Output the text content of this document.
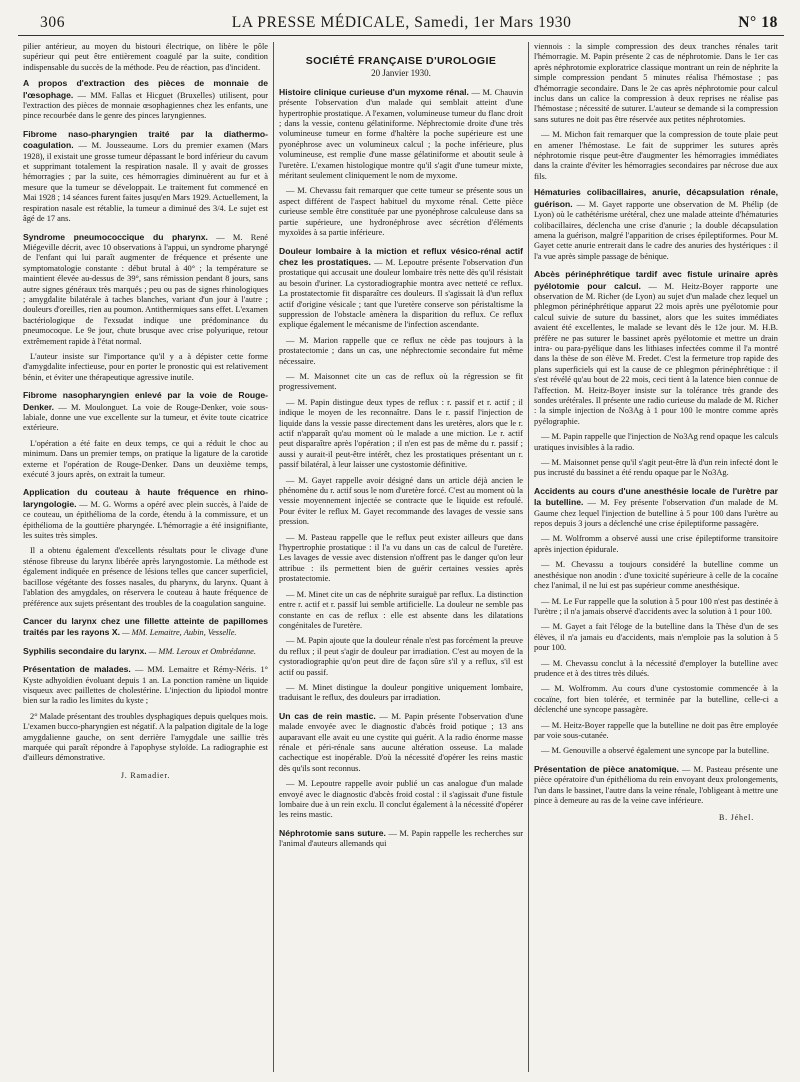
306	LA PRESSE MÉDICALE, Samedi, 1er Mars 1930	N° 18

pilier antérieur, au moyen du bistouri électrique, on libère le pôle supérieur qui peut être entièrement coagulé par la suite, condition indispensable du succès de la méthode. Peu de réaction, pas d'incident.

A propos d'extraction des pièces de monnaie de l'œsophage. — MM. Fallas et Hicguet (Bruxelles) utilisent, pour l'extraction des pièces de monnaie œsophagiennes chez les enfants, une pince recourbée dans le genre des pinces laryngiennes.

Fibrome naso-pharyngien traité par la diathermo-coagulation. — M. Jousseaume. Lors du premier examen (Mars 1928), il existait une grosse tumeur dépassant le bord inférieur du cavum et supprimant totalement la respiration nasale. Il y avait de grosses hémorragies ; par la suite, ces hémorragies diminuèrent au fur et à mesure que la tumeur se développait. Le traitement fut commencé en Mai 1928 ; 14 séances furent faites jusqu'en Mars 1929. Actuellement, la respiration nasale est rétablie, la tumeur a diminué des 3/4. Le sujet est âgé de 17 ans.

Syndrome pneumococcique du pharynx. — M. René Miégeville décrit, avec 10 observations à l'appui, un syndrome pharyngé de l'enfant qui lui paraît augmenter de fréquence et présente une symptomatologie constante : début brutal à 40° ; la température se maintient élevée au-dessus de 39°, sans rémission pendant 8 jours, sans autre signes généraux très marqués ; peu ou pas de signes rhinologiques ; amygdalite bilatérale à taches blanches, variant d'un jour à l'autre ; douleurs d'oreilles, rien au poumon. Antithermiques sans effet. L'examen bactériologique de l'exsudat indique une prédominance du pneumocoque. Le 9e jour, chute brusque avec crise polyurique, retour extrêmement rapide à l'état normal.

L'auteur insiste sur l'importance qu'il y a à dépister cette forme d'amygdalite infectieuse, pour en porter le pronostic qui est relativement bénin, et éviter une thérapeutique agressive inutile.

Fibrome nasopharyngien enlevé par la voie de Rouge-Denker. — M. Moulonguet. La voie de Rouge-Denker, voie sous-labiale, donne une vue excellente sur la tumeur, et évite toute cicatrice extérieure.

L'opération a été faite en deux temps, ce qui a réduit le choc au minimum. Dans un premier temps, on pratique la ligature de la carotide externe et l'opération de Rouge-Denker. Dans un deuxième temps, exécuté 3 jours après, on extrait la tumeur.

Application du couteau à haute fréquence en rhino-laryngologie. — M. G. Worms a opéré avec plein succès, à l'aide de ce couteau, un épithélioma de la corde, étendu à la commissure, et un épithélioma de la gouttière pharyngée. L'hémorragie a été insignifiante, les suites très simples.

Il a obtenu également d'excellents résultats pour le clivage d'une sténose fibreuse du larynx libérée après laryngostomie. La méthode est également indiquée en présence de lésions telles que cancer superficiel, bacillose végétante des fosses nasales, du pharynx, du larynx. Quant à l'ablation des amygdales, on réservera le couteau à haute fréquence de préférence aux sujets présentant des troubles de la coagulation sanguine.

Cancer du larynx chez une fillette atteinte de papillomes traités par les rayons X. — MM. Lemaitre, Aubin, Vesselle.

Syphilis secondaire du larynx. — MM. Leroux et Ombrédanne.

Présentation de malades. — MM. Lemaitre et Rémy-Néris. 1° Kyste adhyoïdien évoluant depuis 1 an. La ponction ramène un liquide visqueux avec paillettes de cholestérine. L'injection du lipiodol montre bien sur la radio les limites du kyste ;

2° Malade présentant des troubles dysphagiques depuis quelques mois. L'examen bucco-pharyngien est négatif. A la palpation digitale de la loge amygdalienne gauche, on sent derrière l'amygdale une saillie très marquée qui paraît répondre à l'apophyse styloïde. La radiographie est d'ailleurs démonstrative.

J. Ramadier.
SOCIÉTÉ FRANÇAISE D'UROLOGIE
20 Janvier 1930.

Histoire clinique curieuse d'un myxome rénal. — M. Chauvin présente l'observation d'un malade qui semblait atteint d'une hypertrophie prostatique. A l'examen, volumineuse tumeur du flanc droit ; dans la vessie, contenu gélatiniforme. Néphrectomie droite d'une très volumineuse tumeur en forme d'haltère la poche supérieure est une pyonéphrose avec un volumineux calcul ; la poche inférieure, plus volumineuse, est remplie d'une masse gélatiniforme et aboutit seule à l'uretère. L'examen histologique montre qu'il s'agit d'une tumeur mixte, méritant seulement cliniquement le nom de myxome.

— M. Chevassu fait remarquer que cette tumeur se présente sous un aspect différent de l'aspect habituel du myxome rénal. Cette pièce curieuse semble être constituée par une pyonéphrose calculeuse dans sa partie supérieure, une hydronéphrose avec sécrétion d'éléments myxoïdes à sa partie inférieure.

Douleur lombaire à la miction et reflux vésico-rénal actif chez les prostatiques. — M. Lepoutre présente l'observation d'un prostatique qui accusait une douleur lombaire très nette dès qu'il résistait au besoin d'uriner. La cystoradiographie montra avec netteté ce reflux. La prostatectomie fit disparaître ces douleurs. Il s'agissait là d'un reflux actif d'origine vésicale ; tant que l'uretère conserve son péristaltisme la suppression de l'obstacle amènera la disparition du reflux. Ce reflux explique également le mécanisme de l'infection ascendante.

— M. Marion rappelle que ce reflux ne cède pas toujours à la prostatectomie ; dans un cas, une néphrectomie secondaire fut même nécessaire.

— M. Maisonnet cite un cas de reflux où la régression se fit progressivement.

— M. Papin distingue deux types de reflux : r. passif et r. actif ; il indique le moyen de les reconnaître. Dans le r. passif l'injection de liquide dans la vessie passe directement dans les uretères, alors que le r. actif n'apparaît qu'au moment où le malade a une miction. Le r. actif peut disparaître après l'opération ; il n'en est pas de même du r. passif ; aussi y aurait-il peut-être intérêt, chez les prostatiques présentant un r. passif bilatéral, à leur laisser une cystostomie définitive.

— M. Gayet rappelle avoir désigné dans un article déjà ancien le phénomène du r. actif sous le nom d'uretère forcé. C'est au moment où la vessie moyennement injectée se contracte que le liquide est refoulé. Pour éviter le reflux M. Gayet recommande des lavages de vessie sans pression.

— M. Pasteau rappelle que le reflux peut exister ailleurs que dans l'hypertrophie prostatique : il l'a vu dans un cas de calcul de l'uretère. Les lavages de vessie avec distension n'offrent pas le danger qu'on leur attribue : ils permettent bien de guérir certaines vessies après prostatectomie.

— M. Minet cite un cas de néphrite suraiguë par reflux. La distinction entre r. actif et r. passif lui semble artificielle. La douleur ne semble pas constante en cas de reflux : elle est absente dans les dilatations congénitales de l'uretère.

— M. Papin ajoute que la douleur rénale n'est pas forcément la preuve du reflux ; il peut s'agir de douleur par irradiation. C'est au moyen de la cystoradiographie qu'on peut dire de façon sûre s'il y a reflux, s'il est actif ou passif.

— M. Minet distingue la douleur pongitive uniquement lombaire, traduisant le reflux, des douleurs par irradiation.

Un cas de rein mastic. — M. Papin présente l'observation d'une malade envoyée avec le diagnostic d'abcès froid potique ; 13 ans auparavant elle avait eu une cystite qui guérit. A la radio énorme masse rénale et péri-rénale sans aucune altération osseuse. La malade cachectique est inopérable. D'où la nécessité d'opérer les reins mastic dès qu'ils sont reconnus.

— M. Lepoutre rappelle avoir publié un cas analogue d'un malade envoyé avec le diagnostic d'abcès froid costal : il s'agissait d'une fistule lombaire due à un rein exclu. Il conclut également à la nécessité d'opérer les reins mastic.

Néphrotomie sans suture. — M. Papin rappelle les recherches sur l'animal d'auteurs allemands qui

viennois : la simple compression des deux tranches rénales tarit l'hémorragie. M. Papin présente 2 cas de néphrotomie. Dans le 1er cas après néphrotomie exploratrice classique montrant un rein de néphrite la simple compression pendant 5 minutes réalisa l'hémostase ; pas d'hémorragie secondaire. Dans le 2e cas après néphrotomie pour calcul inclus dans un calice la compression à deux reprises ne réalise pas l'hémostase ; nécessité de suturer. L'auteur se demande si la compression sans sutures ne doit pas être réservée aux petites néphrotomies.

— M. Michon fait remarquer que la compression de toute plaie peut en amener l'hémostase. Le fait de supprimer les sutures après néphrotomie risque peut-être d'augmenter les hémorragies immédiates dans la crainte d'éviter les hémorragies secondaires par nécrose due aux fils.

Hématuries colibacillaires, anurie, décapsulation rénale, guérison. — M. Gayet rapporte une observation de M. Phélip (de Lyon) où le cathétérisme urétéral, chez une malade atteinte d'hématuries colibacillaires, déclencha une crise d'anurie ; la double décapsulation amena la guérison, malgré l'apparition de crises épileptiformes. Pour M. Gayet cette anurie entrerait dans le cadre des anuries des hystériques : il l'a vue après simple passage de bénique.

Abcès périnéphrétique tardif avec fistule urinaire après pyélotomie pour calcul. — M. Heitz-Boyer rapporte une observation de M. Richer (de Lyon) au sujet d'un malade chez lequel un phlegmon périnéphrétique apparut 22 mois après une pyélotomie pour calcul suivie de suture du bassinet, alors que les suites immédiates avaient été excellentes, le malade se levant dès le 12e jour. M. H.B. préfère ne pas suturer le bassinet après pyélotomie et mettre un drain intra- ou para-pyélique dans les lithiases infectées comme il l'a montré dans la thèse de son élève M. Fredet. C'est la fermeture trop rapide des plans superficiels qui est la cause de ce phlegmon périnéphrétique : il s'est révélé qu'au bout de 22 mois, ceci tient à la latence bien connue de l'affection. M. Heitz-Boyer insiste sur la tolérance très grande des sondes urétérales. Il présente une radio curieuse du malade de M. Richer : la simple injection de No3Ag à 1 pour 100 le montre comme après pyélographie.

— M. Papin rappelle que l'injection de No3Ag rend opaque les calculs uratiques invisibles à la radio.

— M. Maisonnet pense qu'il s'agit peut-être là d'un rein infecté dont le pus incrusté du bassinet a été rendu opaque par le No3Ag.

Accidents au cours d'une anesthésie locale de l'urètre par la butelline. — M. Fey présente l'observation d'un malade de M. Gaume chez lequel l'injection de butelline à 5 pour 100 dans l'urètre au repos depuis 3 jours a déclenché une crise épileptiforme passagère.

— M. Wolfromm a observé aussi une crise épileptiforme transitoire après injection épidurale.

— M. Chevassu a toujours considéré la butelline comme un anesthésique non anodin : d'une toxicité supérieure à celle de la cocaïne chez l'animal, il ne lui est pas supérieur comme anesthésique.

— M. Le Fur rappelle que la solution à 5 pour 100 n'est pas destinée à l'urètre ; il n'a jamais observé d'accidents avec la solution à 1 pour 100.

— M. Gayet a fait l'éloge de la butelline dans la Thèse d'un de ses élèves, il n'a jamais eu d'accidents, mais n'emploie pas la solution à 5 pour 100.

— M. Chevassu conclut à la nécessité d'employer la butelline avec prudence et à des titres très dilués.

— M. Wolfromm. Au cours d'une cystostomie commencée à la cocaïne, fort bien tolérée, et terminée par la butelline, celle-ci a déclenché une syncope passagère.

— M. Heitz-Boyer rappelle que la butelline ne doit pas être employée par voie sous-cutanée.

— M. Genouville a observé également une syncope par la butelline.

Présentation de pièce anatomique. — M. Pasteau présente une pièce opératoire d'un épithélioma du rein envoyant deux prolongements, l'un dans le bassinet, l'autre dans la veine rénale, l'obligeant à mettre une pince à demeure au ras de la veine cave inférieure.

B. Jéhel.
